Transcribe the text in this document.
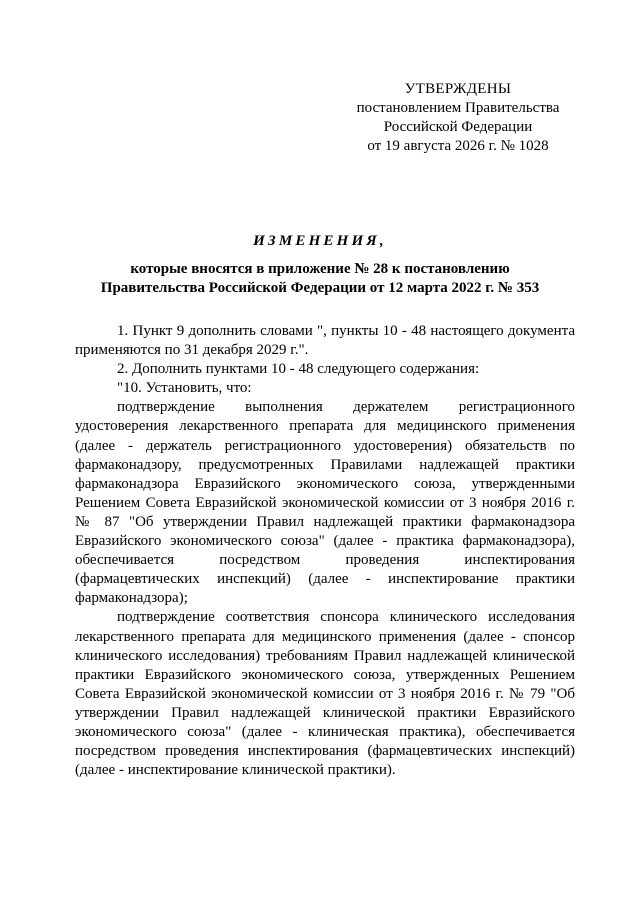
УТВЕРЖДЕНЫ
постановлением Правительства
Российской Федерации
от 19 августа 2026 г. № 1028
ИЗМЕНЕНИЯ,
которые вносятся в приложение № 28 к постановлению
Правительства Российской Федерации от 12 марта 2022 г. № 353

1. Пункт 9 дополнить словами ", пункты 10 - 48 настоящего документа применяются по 31 декабря 2029 г.".

2. Дополнить пунктами 10 - 48 следующего содержания:

"10. Установить, что:

подтверждение выполнения держателем регистрационного удостоверения лекарственного препарата для медицинского применения (далее - держатель регистрационного удостоверения) обязательств по фармаконадзору, предусмотренных Правилами надлежащей практики фармаконадзора Евразийского экономического союза, утвержденными Решением Совета Евразийской экономической комиссии от 3 ноября 2016 г. № 87 "Об утверждении Правил надлежащей практики фармаконадзора Евразийского экономического союза" (далее - практика фармаконадзора), обеспечивается посредством проведения инспектирования (фармацевтических инспекций) (далее - инспектирование практики фармаконадзора);

подтверждение соответствия спонсора клинического исследования лекарственного препарата для медицинского применения (далее - спонсор клинического исследования) требованиям Правил надлежащей клинической практики Евразийского экономического союза, утвержденных Решением Совета Евразийской экономической комиссии от 3 ноября 2016 г. № 79 "Об утверждении Правил надлежащей клинической практики Евразийского экономического союза" (далее - клиническая практика), обеспечивается посредством проведения инспектирования (фармацевтических инспекций) (далее - инспектирование клинической практики).
